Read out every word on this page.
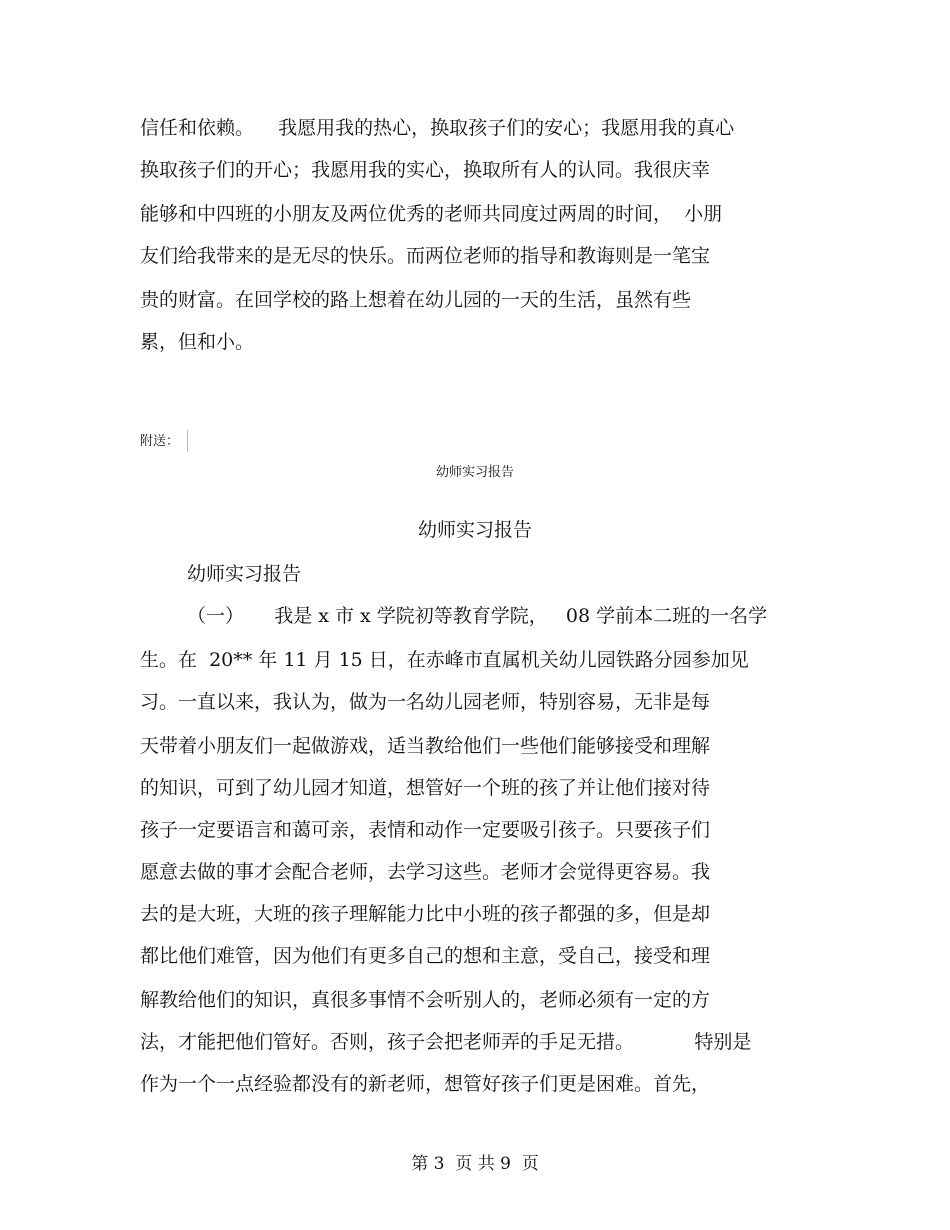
信任和依赖。    我愿用我的热心，换取孩子们的安心；我愿用我的真心
换取孩子们的开心；我愿用我的实心，换取所有人的认同。我很庆幸
能够和中四班的小朋友及两位优秀的老师共同度过两周的时间，  小朋
友们给我带来的是无尽的快乐。而两位老师的指导和教诲则是一笔宝
贵的财富。在回学校的路上想着在幼儿园的一天的生活，虽然有些
累，但和小。
附送：
幼师实习报告
幼师实习报告
幼师实习报告
（一）     我是 x 市 x 学院初等教育学院，   08 学前本二班的一名学
生。在  20** 年 11 月 15 日，在赤峰市直属机关幼儿园铁路分园参加见
习。一直以来，我认为，做为一名幼儿园老师，特别容易，无非是每
天带着小朋友们一起做游戏，适当教给他们一些他们能够接受和理解
的知识，可到了幼儿园才知道，想管好一个班的孩了并让他们接对待
孩子一定要语言和蔼可亲，表情和动作一定要吸引孩子。只要孩子们
愿意去做的事才会配合老师，去学习这些。老师才会觉得更容易。我
去的是大班，大班的孩子理解能力比中小班的孩子都强的多，但是却
都比他们难管，因为他们有更多自己的想和主意，受自己，接受和理
解教给他们的知识，真很多事情不会听别人的，老师必须有一定的方
法，才能把他们管好。否则，孩子会把老师弄的手足无措。          特别是
作为一个一点经验都没有的新老师，想管好孩子们更是困难。首先，
第 3  页 共 9  页
